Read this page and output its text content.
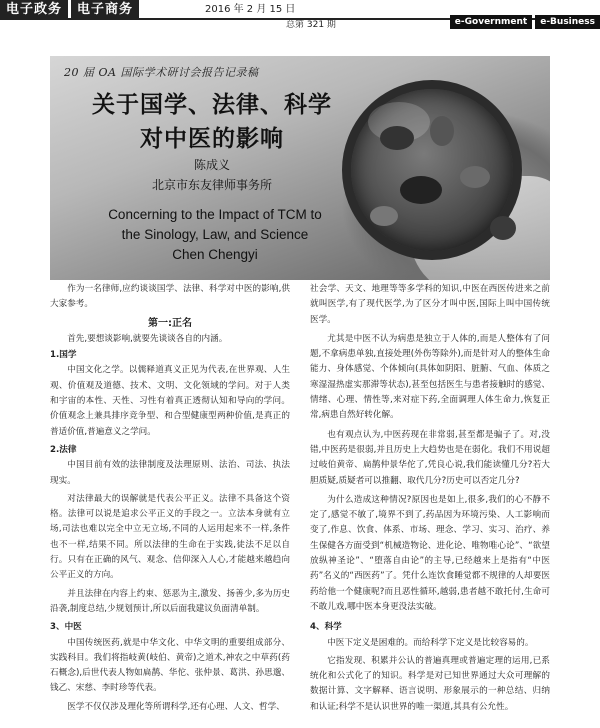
电子政务	电子商务	2016 年 2 月 15 日
总第 321 期	e-Government	e-Business
20 届 OA 国际学术研讨会报告记录稿
关于国学、法律、科学
对中医的影响
陈成义
北京市东友律师事务所
Concerning to the Impact of TCM to
the Sinology, Law, and Science
Chen Chengyi

作为一名律师,应约谈谈国学、法律、科学对中医的影响,供大家参考。

第一:正名

首先,要想谈影响,就要先谈谈各自的内涵。

1.国学

中国文化之学。以儒释道真义正见为代表,在世界观、人生观、价值观及道德、技术、文明、文化领域的学问。对于人类和宇宙的本性、天性、习性有着真正透彻认知和导向的学问。价值观念上兼具排序竞争型、和合型健康型两种价值,是真正的普适价值,普遍意义之学问。

2.法律

中国目前有效的法律制度及法理原则、法治、司法、执法现实。

对法律最大的误解就是代表公平正义。法律不具备这个资格。法律可以说是追求公平正义的手段之一。立法本身就有立场,司法也难以完全中立无立场,不同的人运用起来不一样,条件也不一样,结果不同。所以法律的生命在于实践,徒法不足以自行。只有在正确的风气、观念、信仰深入人心,才能越来越趋向公平正义的方向。

并且法律在内容上约束、惩恶为主,激发、扬善少,多为历史沿袭,制度总结,少规划预计,所以后面我建议负面清单制。

3、中医

中国传统医药,就是中华文化、中华文明的重要组成部分、实践科目。我们将指岐黄(岐伯、黄帝)之道术,神农之中草药(药石概念),后世代表人物如扁鹊、华佗、张仲景、葛洪、孙思邈、钱乙、宋慈、李时珍等代表。

医学不仅仅涉及理化等所谓科学,还有心理、人文、哲学、

社会学、天文、地理等等多学科的知识,中医在西医传进来之前就叫医学,有了现代医学,为了区分才叫中医,国际上叫中国传统医学。

尤其是中医不认为病患是独立于人体的,而是人整体有了问题,不拿病患单独,直接处理(外伤等除外),而是针对人的整体生命能力、身体感觉、个体倾向(具体如阴阳、脏腑、气血、体质之寒湿湿热虚实那滞等状态),甚至包括医生与患者接触时的感觉、情绪、心理、情性等,来对症下药,全面调理人体生命力,恢复正常,病患自然好转化解。

也有观点认为,中医药现在非常弱,甚至都是骗子了。对,没错,中医药是很弱,并且历史上大趋势也是在弱化。我们不用说超过岐伯黄帝、扁鹊仲景华佗了,凭良心说,我们能读懂几分?若大胆质疑,质疑者可以推翻、取代几分?历史可以否定几分?

为什么造成这种情况?原因也是如上,很多,我们的心不静不定了,感觉不敏了,境界不到了,药品因为环境污染、人工影响而变了,作息、饮食、体系、市场、理念、学习、实习、治疗、养生保健各方面受到“机械造物论、进化论、唯物唯心论”、“欲望放纵神圣论”、“堕落自由论”的主导,已经越来上是指有“中医药”名义的“西医药”了。凭什么连饮食睡觉都不规律的人却要医药给他一个健康呢?而且恶性循环,越弱,患者越不敢托付,生命可不敢儿戏,哪中医本身更没法实破。

4、科学

中医下定义是困难的。而给科学下定义是比较容易的。

它指发现、积累并公认的普遍真理或普遍定理的运用,已系统化和公式化了的知识。科学是对已知世界通过大众可理解的数据计算、文字解释、语言说明、形象展示的一种总结、归纳和认证;科学不是认识世界的唯一渠道,其具有公允性。
